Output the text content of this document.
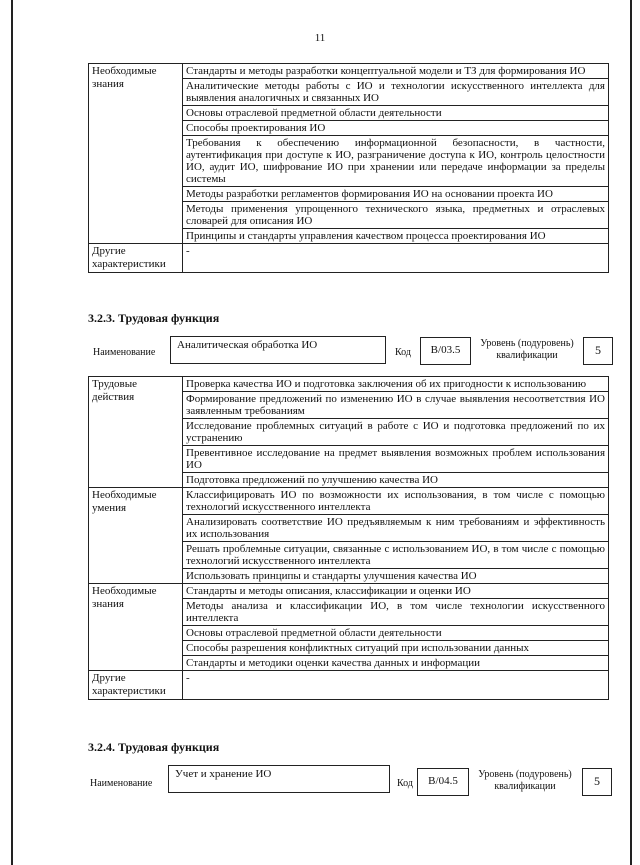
11
Необходимые знания	Стандарты и методы разработки концептуальной модели и ТЗ для формирования ИО
	Аналитические методы работы с ИО и технологии искусственного интеллекта для выявления аналогичных и связанных ИО
	Основы отраслевой предметной области деятельности
	Способы проектирования ИО
	Требования к обеспечению информационной безопасности, в частности, аутентификация при доступе к ИО, разграничение доступа к ИО, контроль целостности ИО, аудит ИО, шифрование ИО при хранении или передаче информации за пределы системы
	Методы разработки регламентов формирования ИО на основании проекта ИО
	Методы применения упрощенного технического языка, предметных и отраслевых словарей для описания ИО
	Принципы и стандарты управления качеством процесса проектирования ИО
Другие характеристики	-
3.2.3. Трудовая функция
Наименование
Аналитическая обработка ИО
Код	В/03.5
Уровень (подуровень)
квалификации	5
Трудовые действия	Проверка качества ИО и подготовка заключения об их пригодности к использованию
	Формирование предложений по изменению ИО в случае выявления несоответствия ИО заявленным требованиям
	Исследование проблемных ситуаций в работе с ИО и подготовка предложений по их устранению
	Превентивное исследование на предмет выявления возможных проблем использования ИО
	Подготовка предложений по улучшению качества ИО
Необходимые умения	Классифицировать ИО по возможности их использования, в том числе с помощью технологий искусственного интеллекта
	Анализировать соответствие ИО предъявляемым к ним требованиям и эффективность их использования
	Решать проблемные ситуации, связанные с использованием ИО, в том числе с помощью технологий искусственного интеллекта
	Использовать принципы и стандарты улучшения качества ИО
Необходимые знания	Стандарты и методы описания, классификации и оценки ИО
	Методы анализа и классификации ИО, в том числе технологии искусственного интеллекта
	Основы отраслевой предметной области деятельности
	Способы разрешения конфликтных ситуаций при использовании данных
	Стандарты и методики оценки качества данных и информации
Другие характеристики	-
3.2.4. Трудовая функция
Наименование
Учет и хранение ИО
Код	В/04.5
Уровень (подуровень)
квалификации	5
